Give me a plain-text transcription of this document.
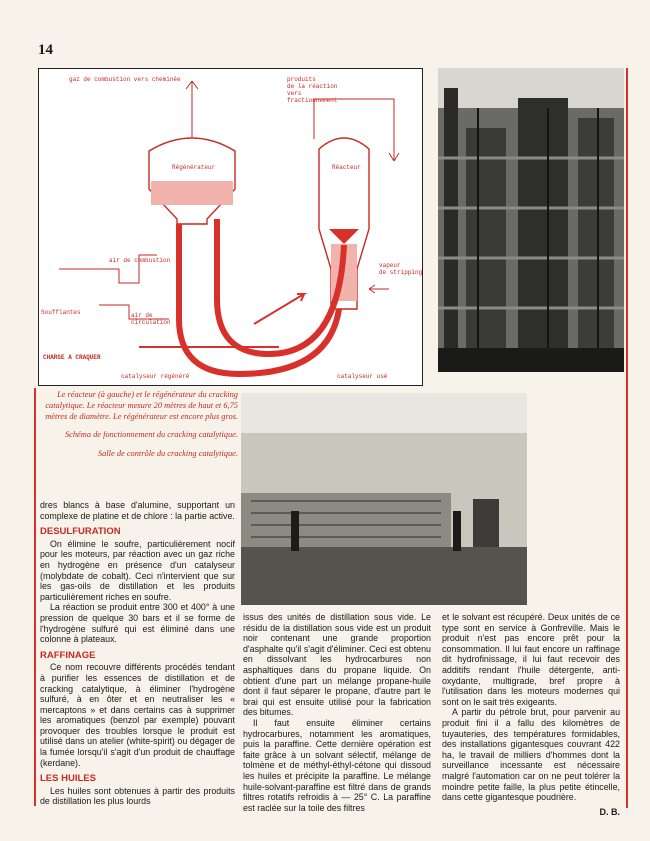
14
gaz de combustion vers cheminée	produits
de la réaction
vers
fractionnement
Régénérateur	Réacteur
air de combustion
vapeur
de stripping
Soufflantes	air de
circulation
CHARGE A CRAQUER
catalyseur régénéré	catalyseur usé

Le réacteur (à gauche) et le régénérateur du cracking catalytique. Le réacteur mesure 20 mètres de haut et 6,75 mètres de diamètre. Le régénérateur est encore plus gros.

Schéma de fonctionnement du cracking catalytique.

Salle de contrôle du cracking catalytique.

dres blancs à base d'alumine, supportant un complexe de platine et de chlore : la partie active.

DESULFURATION

On élimine le soufre, particulièrement nocif pour les moteurs, par réaction avec un gaz riche en hydrogène en présence d'un catalyseur (molybdate de cobalt). Ceci n'intervient que sur les gas-oils de distillation et les produits particulièrement riches en soufre.

La réaction se produit entre 300 et 400° à une pression de quelque 30 bars et il se forme de l'hydrogène sulfuré qui est éliminé dans une colonne à plateaux.

RAFFINAGE

Ce nom recouvre différents procédés tendant à purifier les essences de distillation et de cracking catalytique, à éliminer l'hydrogène sulfuré, à en ôter et en neutraliser les « mercaptons » et dans certains cas à supprimer les aromatiques (benzol par exemple) pouvant provoquer des troubles lorsque le produit est utilisé dans un atelier (white-spirit) ou dégager de la fumée lorsqu'il s'agit d'un produit de chauffage (kerdane).

LES HUILES

Les huiles sont obtenues à partir des produits de distillation les plus lourds

issus des unités de distillation sous vide. Le résidu de la distillation sous vide est un produit noir contenant une grande proportion d'asphalte qu'il s'agit d'éliminer. Ceci est obtenu en dissolvant les hydrocarbures non asphaltiques dans du propane liquide. On obtient d'une part un mélange propane-huile dont il faut séparer le propane, d'autre part le brai qui est ensuite utilisé pour la fabrication des bitumes.

Il faut ensuite éliminer certains hydrocarbures, notamment les aromatiques, puis la paraffine. Cette dernière opération est faite grâce à un solvant sélectif, mélange de tolmène et de méthyl-éthyl-cétone qui dissoud les huiles et précipite la paraffine. Le mélange huile-solvant-paraffine est filtré dans de grands filtres rotatifs refroidis à — 25° C. La paraffine est raclée sur la toile des filtres

et le solvant est récupéré. Deux unités de ce type sont en service à Gonfreville. Mais le produit n'est pas encore prêt pour la consommation. Il lui faut encore un raffinage dit hydrofinissage, il lui faut recevoir des additifs rendant l'huile détergente, anti-oxydante, multigrade, bref propre à l'utilisation dans les moteurs modernes qui sont on le sait très exigeants.

A partir du pétrole brut, pour parvenir au produit fini il a fallu des kilomètres de tuyauteries, des températures formidables, des installations gigantesques couvrant 422 ha, le travail de milliers d'hommes dont la surveillance incessante est nécessaire malgré l'automation car on ne peut tolérer la moindre petite faille, la plus petite étincelle, dans cette gigantesque poudrière.

D. B.
